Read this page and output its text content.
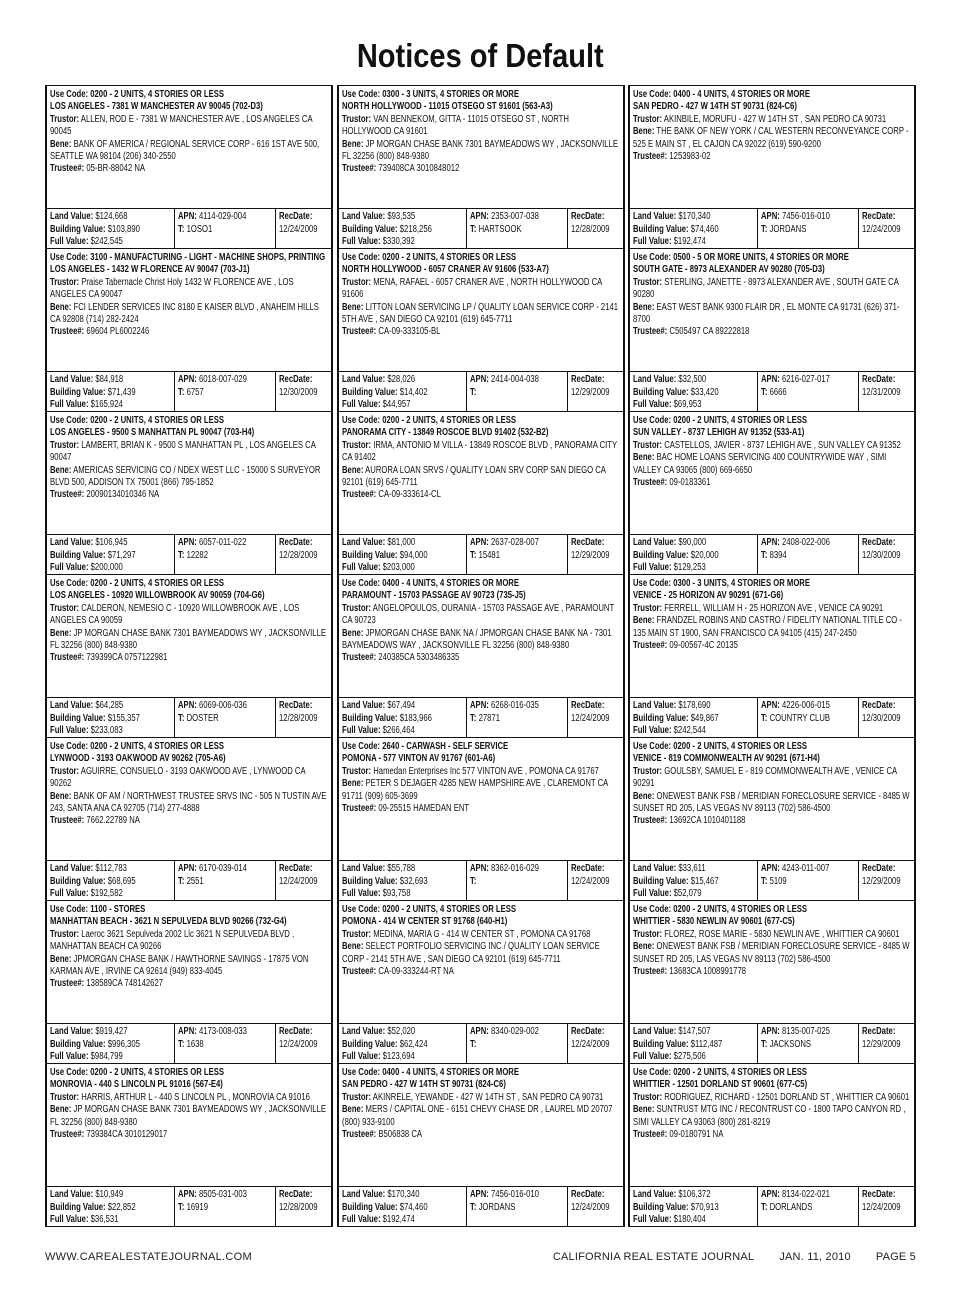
Notices of Default
Use Code: 0200 - 2 UNITS, 4 STORIES OR LESS
LOS ANGELES - 7381 W MANCHESTER AV 90045 (702-D3)
Trustor: ALLEN, ROD E - 7381 W MANCHESTER AVE , LOS ANGELES CA 90045
Bene: BANK OF AMERICA / REGIONAL SERVICE CORP - 616 1ST AVE 500, SEATTLE WA 98104 (206) 340-2550
Trustee#: 05-BR-88042 NA
Land Value: $124,668
Building Value: $103,890
Full Value: $242,545
APN: 4114-029-004
T: 1OSO1
RecDate:
12/24/2009
Use Code: 3100 - MANUFACTURING - LIGHT - MACHINE SHOPS, PRINTING
LOS ANGELES - 1432 W FLORENCE AV 90047 (703-J1)
Trustor: Praise Tabernacle Christ Holy 1432 W FLORENCE AVE , LOS ANGELES CA 90047
Bene: FCI LENDER SERVICES INC 8180 E KAISER BLVD , ANAHEIM HILLS CA 92808 (714) 282-2424
Trustee#: 69604 PL6002246
Land Value: $84,918
Building Value: $71,439
Full Value: $165,924
APN: 6018-007-029
T: 6757
RecDate:
12/30/2009
Use Code: 0200 - 2 UNITS, 4 STORIES OR LESS
LOS ANGELES - 9500 S MANHATTAN PL 90047 (703-H4)
Trustor: LAMBERT, BRIAN K - 9500 S MANHATTAN PL , LOS ANGELES CA 90047
Bene: AMERICAS SERVICING CO / NDEX WEST LLC - 15000 S SURVEYOR BLVD 500, ADDISON TX 75001 (866) 795-1852
Trustee#: 20090134010346 NA
Land Value: $106,945
Building Value: $71,297
Full Value: $200,000
APN: 6057-011-022
T: 12282
RecDate:
12/28/2009
Use Code: 0200 - 2 UNITS, 4 STORIES OR LESS
LOS ANGELES - 10920 WILLOWBROOK AV 90059 (704-G6)
Trustor: CALDERON, NEMESIO C - 10920 WILLOWBROOK AVE , LOS ANGELES CA 90059
Bene: JP MORGAN CHASE BANK 7301 BAYMEADOWS WY , JACKSONVILLE FL 32256 (800) 848-9380
Trustee#: 739399CA 0757122981
Land Value: $64,285
Building Value: $155,357
Full Value: $233,083
APN: 6069-006-036
T: DOSTER
RecDate:
12/28/2009
Use Code: 0200 - 2 UNITS, 4 STORIES OR LESS
LYNWOOD - 3193 OAKWOOD AV 90262 (705-A6)
Trustor: AGUIRRE, CONSUELO - 3193 OAKWOOD AVE , LYNWOOD CA 90262
Bene: BANK OF AM / NORTHWEST TRUSTEE SRVS INC - 505 N TUSTIN AVE 243, SANTA ANA CA 92705 (714) 277-4888
Trustee#: 7662.22789 NA
Land Value: $112,783
Building Value: $68,695
Full Value: $192,582
APN: 6170-039-014
T: 2551
RecDate:
12/24/2009
Use Code: 1100 - STORES
MANHATTAN BEACH - 3621 N SEPULVEDA BLVD 90266 (732-G4)
Trustor: Laeroc 3621 Sepulveda 2002 Llc 3621 N SEPULVEDA BLVD , MANHATTAN BEACH CA 90266
Bene: JPMORGAN CHASE BANK / HAWTHORNE SAVINGS - 17875 VON KARMAN AVE , IRVINE CA 92614 (949) 833-4045
Trustee#: 138589CA 748142627
Land Value: $919,427
Building Value: $996,305
Full Value: $984,799
APN: 4173-008-033
T: 1638
RecDate:
12/24/2009
Use Code: 0200 - 2 UNITS, 4 STORIES OR LESS
MONROVIA - 440 S LINCOLN PL 91016 (567-E4)
Trustor: HARRIS, ARTHUR L - 440 S LINCOLN PL , MONROVIA CA 91016
Bene: JP MORGAN CHASE BANK 7301 BAYMEADOWS WY , JACKSONVILLE FL 32256 (800) 848-9380
Trustee#: 739384CA 3010129017
Land Value: $10,949
Building Value: $22,852
Full Value: $36,531
APN: 8505-031-003
T: 16919
RecDate:
12/28/2009
Use Code: 0300 - 3 UNITS, 4 STORIES OR MORE
NORTH HOLLYWOOD - 11015 OTSEGO ST 91601 (563-A3)
Trustor: VAN BENNEKOM, GITTA - 11015 OTSEGO ST , NORTH HOLLYWOOD CA 91601
Bene: JP MORGAN CHASE BANK 7301 BAYMEADOWS WY , JACKSONVILLE FL 32256 (800) 848-9380
Trustee#: 739408CA 3010848012
Land Value: $93,535
Building Value: $218,256
Full Value: $330,392
APN: 2353-007-038
T: HARTSOOK
RecDate:
12/28/2009
Use Code: 0200 - 2 UNITS, 4 STORIES OR LESS
NORTH HOLLYWOOD - 6057 CRANER AV 91606 (533-A7)
Trustor: MENA, RAFAEL - 6057 CRANER AVE , NORTH HOLLYWOOD CA 91606
Bene: LITTON LOAN SERVICING LP / QUALITY LOAN SERVICE CORP - 2141 5TH AVE , SAN DIEGO CA 92101 (619) 645-7711
Trustee#: CA-09-333105-BL
Land Value: $28,026
Building Value: $14,402
Full Value: $44,957
APN: 2414-004-038
T:
RecDate:
12/29/2009
Use Code: 0200 - 2 UNITS, 4 STORIES OR LESS
PANORAMA CITY - 13849 ROSCOE BLVD 91402 (532-B2)
Trustor: IRMA, ANTONIO M VILLA - 13849 ROSCOE BLVD , PANORAMA CITY CA 91402
Bene: AURORA LOAN SRVS / QUALITY LOAN SRV CORP SAN DIEGO CA 92101 (619) 645-7711
Trustee#: CA-09-333614-CL
Land Value: $81,000
Building Value: $94,000
Full Value: $203,000
APN: 2637-028-007
T: 15481
RecDate:
12/29/2009
Use Code: 0400 - 4 UNITS, 4 STORIES OR MORE
PARAMOUNT - 15703 PASSAGE AV 90723 (735-J5)
Trustor: ANGELOPOULOS, OURANIA - 15703 PASSAGE AVE , PARAMOUNT CA 90723
Bene: JPMORGAN CHASE BANK NA / JPMORGAN CHASE BANK NA - 7301 BAYMEADOWS WAY , JACKSONVILLE FL 32256 (800) 848-9380
Trustee#: 240385CA 5303486335
Land Value: $67,494
Building Value: $183,966
Full Value: $266,464
APN: 6268-016-035
T: 27871
RecDate:
12/24/2009
Use Code: 2640 - CARWASH - SELF SERVICE
POMONA - 577 VINTON AV 91767 (601-A6)
Trustor: Hamedan Enterprises Inc 577 VINTON AVE , POMONA CA 91767
Bene: PETER S DEJAGER 4285 NEW HAMPSHIRE AVE , CLAREMONT CA 91711 (909) 605-3699
Trustee#: 09-25515 HAMEDAN ENT
Land Value: $55,788
Building Value: $32,693
Full Value: $93,758
APN: 8362-016-029
T:
RecDate:
12/24/2009
Use Code: 0200 - 2 UNITS, 4 STORIES OR LESS
POMONA - 414 W CENTER ST 91768 (640-H1)
Trustor: MEDINA, MARIA G - 414 W CENTER ST , POMONA CA 91768
Bene: SELECT PORTFOLIO SERVICING INC / QUALITY LOAN SERVICE CORP - 2141 5TH AVE , SAN DIEGO CA 92101 (619) 645-7711
Trustee#: CA-09-333244-RT NA
Land Value: $52,020
Building Value: $62,424
Full Value: $123,694
APN: 8340-029-002
T:
RecDate:
12/24/2009
Use Code: 0400 - 4 UNITS, 4 STORIES OR MORE
SAN PEDRO - 427 W 14TH ST 90731 (824-C6)
Trustor: AKINRELE, YEWANDE - 427 W 14TH ST , SAN PEDRO CA 90731
Bene: MERS / CAPITAL ONE - 6151 CHEVY CHASE DR , LAUREL MD 20707 (800) 933-9100
Trustee#: B506838 CA
Land Value: $170,340
Building Value: $74,460
Full Value: $192,474
APN: 7456-016-010
T: JORDANS
RecDate:
12/24/2009
Use Code: 0400 - 4 UNITS, 4 STORIES OR MORE
SAN PEDRO - 427 W 14TH ST 90731 (824-C6)
Trustor: AKINBILE, MORUFU - 427 W 14TH ST , SAN PEDRO CA 90731
Bene: THE BANK OF NEW YORK / CAL WESTERN RECONVEYANCE CORP - 525 E MAIN ST , EL CAJON CA 92022 (619) 590-9200
Trustee#: 1253983-02
Land Value: $170,340
Building Value: $74,460
Full Value: $192,474
APN: 7456-016-010
T: JORDANS
RecDate:
12/24/2009
Use Code: 0500 - 5 OR MORE UNITS, 4 STORIES OR MORE
SOUTH GATE - 8973 ALEXANDER AV 90280 (705-D3)
Trustor: STERLING, JANETTE - 8973 ALEXANDER AVE , SOUTH GATE CA 90280
Bene: EAST WEST BANK 9300 FLAIR DR , EL MONTE CA 91731 (626) 371-8700
Trustee#: C505497 CA 89222818
Land Value: $32,500
Building Value: $33,420
Full Value: $69,953
APN: 6216-027-017
T: 6666
RecDate:
12/31/2009
Use Code: 0200 - 2 UNITS, 4 STORIES OR LESS
SUN VALLEY - 8737 LEHIGH AV 91352 (533-A1)
Trustor: CASTELLOS, JAVIER - 8737 LEHIGH AVE , SUN VALLEY CA 91352
Bene: BAC HOME LOANS SERVICING 400 COUNTRYWIDE WAY , SIMI VALLEY CA 93065 (800) 669-6650
Trustee#: 09-0183361
Land Value: $90,000
Building Value: $20,000
Full Value: $129,253
APN: 2408-022-006
T: 8394
RecDate:
12/30/2009
Use Code: 0300 - 3 UNITS, 4 STORIES OR MORE
VENICE - 25 HORIZON AV 90291 (671-G6)
Trustor: FERRELL, WILLIAM H - 25 HORIZON AVE , VENICE CA 90291
Bene: FRANDZEL ROBINS AND CASTRO / FIDELITY NATIONAL TITLE CO - 135 MAIN ST 1900, SAN FRANCISCO CA 94105 (415) 247-2450
Trustee#: 09-00567-4C 20135
Land Value: $178,690
Building Value: $49,867
Full Value: $242,544
APN: 4226-006-015
T: COUNTRY CLUB
RecDate:
12/30/2009
Use Code: 0200 - 2 UNITS, 4 STORIES OR LESS
VENICE - 819 COMMONWEALTH AV 90291 (671-H4)
Trustor: GOULSBY, SAMUEL E - 819 COMMONWEALTH AVE , VENICE CA 90291
Bene: ONEWEST BANK FSB / MERIDIAN FORECLOSURE SERVICE - 8485 W SUNSET RD 205, LAS VEGAS NV 89113 (702) 586-4500
Trustee#: 13692CA 1010401188
Land Value: $33,611
Building Value: $15,467
Full Value: $52,079
APN: 4243-011-007
T: 5109
RecDate:
12/29/2009
Use Code: 0200 - 2 UNITS, 4 STORIES OR LESS
WHITTIER - 5830 NEWLIN AV 90601 (677-C5)
Trustor: FLOREZ, ROSE MARIE - 5830 NEWLIN AVE , WHITTIER CA 90601
Bene: ONEWEST BANK FSB / MERIDIAN FORECLOSURE SERVICE - 8485 W SUNSET RD 205, LAS VEGAS NV 89113 (702) 586-4500
Trustee#: 13683CA 1008991778
Land Value: $147,507
Building Value: $112,487
Full Value: $275,506
APN: 8135-007-025
T: JACKSONS
RecDate:
12/29/2009
Use Code: 0200 - 2 UNITS, 4 STORIES OR LESS
WHITTIER - 12501 DORLAND ST 90601 (677-C5)
Trustor: RODRIGUEZ, RICHARD - 12501 DORLAND ST , WHITTIER CA 90601
Bene: SUNTRUST MTG INC / RECONTRUST CO - 1800 TAPO CANYON RD , SIMI VALLEY CA 93063 (800) 281-8219
Trustee#: 09-0180791 NA
Land Value: $106,372
Building Value: $70,913
Full Value: $180,404
APN: 8134-022-021
T: DORLANDS
RecDate:
12/24/2009
WWW.CAREALESTATEJOURNAL.COM	CALIFORNIA REAL ESTATE JOURNAL JAN. 11, 2010 PAGE 5
